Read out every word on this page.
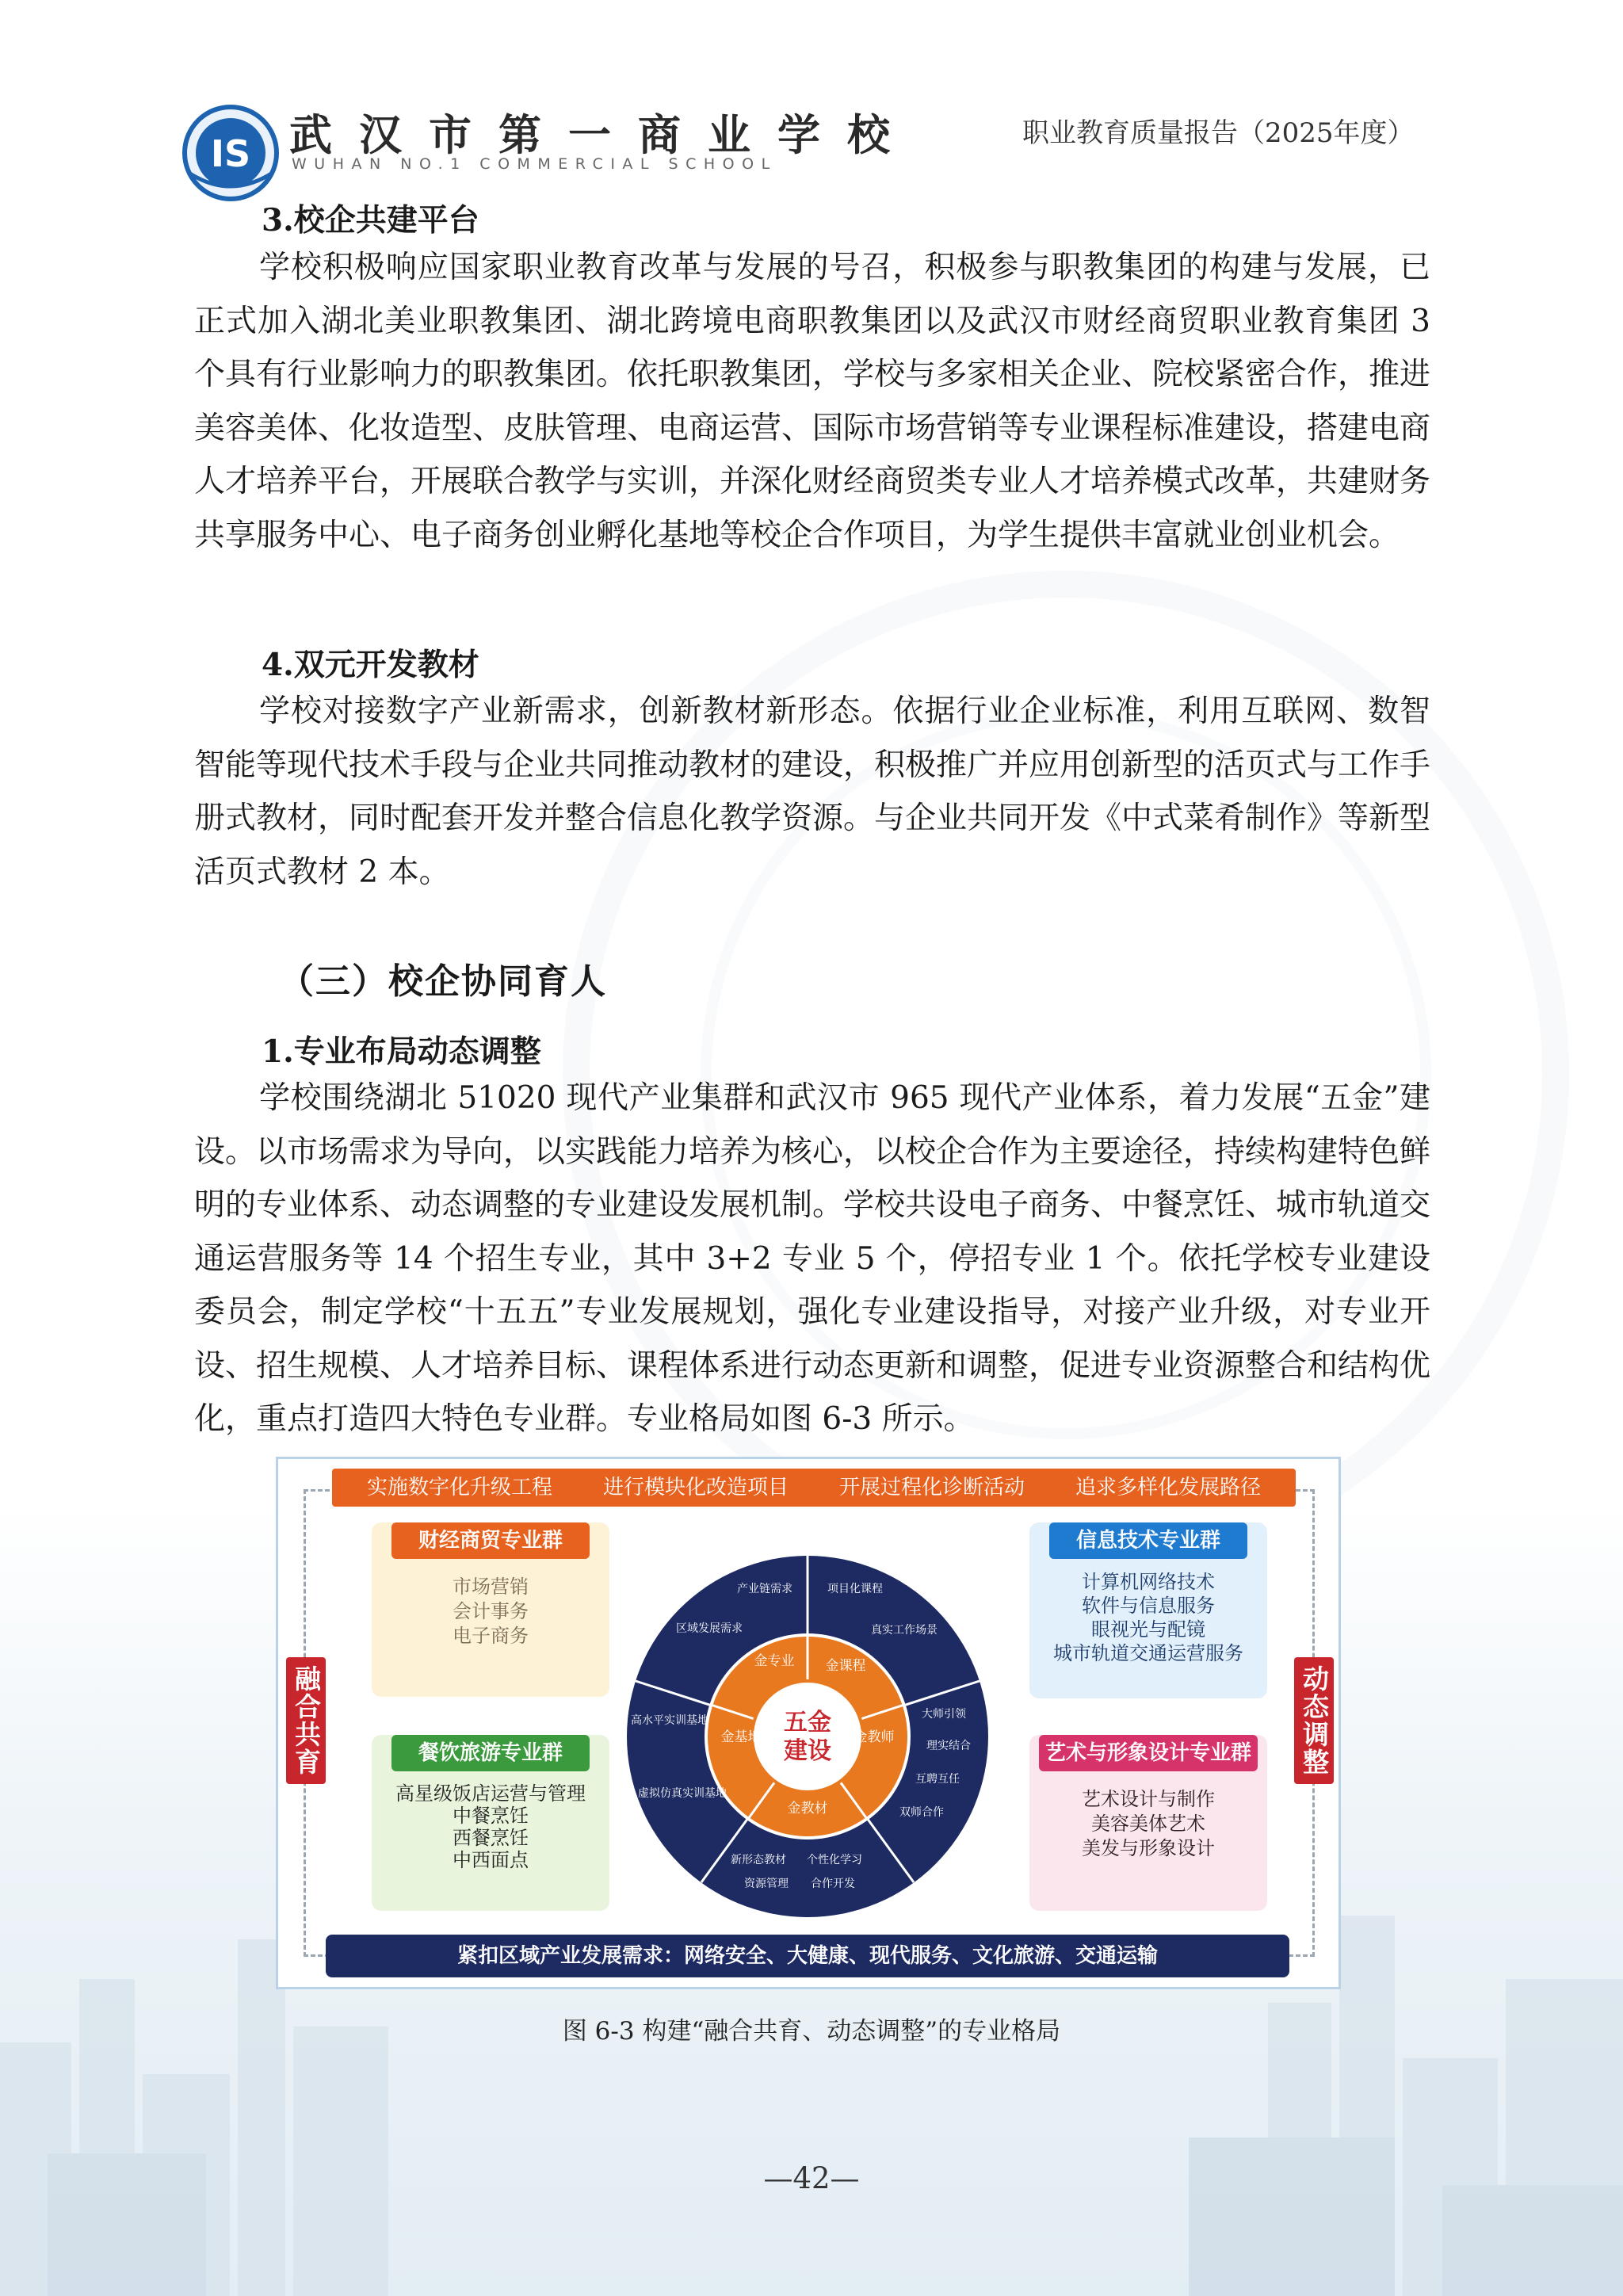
IS 武汉市第一商业学校
WUHAN NO.1 COMMERCIAL SCHOOL
职业教育质量报告（2025年度）
3.校企共建平台

学校积极响应国家职业教育改革与发展的号召，积极参与职教集团的构建与发展，已正式加入湖北美业职教集团、湖北跨境电商职教集团以及武汉市财经商贸职业教育集团 3 个具有行业影响力的职教集团。依托职教集团，学校与多家相关企业、院校紧密合作，推进美容美体、化妆造型、皮肤管理、电商运营、国际市场营销等专业课程标准建设，搭建电商人才培养平台，开展联合教学与实训，并深化财经商贸类专业人才培养模式改革，共建财务共享服务中心、电子商务创业孵化基地等校企合作项目，为学生提供丰富就业创业机会。

4.双元开发教材

学校对接数字产业新需求，创新教材新形态。依据行业企业标准，利用互联网、数智智能等现代技术手段与企业共同推动教材的建设，积极推广并应用创新型的活页式与工作手册式教材，同时配套开发并整合信息化教学资源。与企业共同开发《中式菜肴制作》等新型活页式教材 2 本。

（三）校企协同育人
1.专业布局动态调整

学校围绕湖北 51020 现代产业集群和武汉市 965 现代产业体系，着力发展“五金”建设。以市场需求为导向，以实践能力培养为核心，以校企合作为主要途径，持续构建特色鲜明的专业体系、动态调整的专业建设发展机制。学校共设电子商务、中餐烹饪、城市轨道交通运营服务等 14 个招生专业，其中 3+2 专业 5 个，停招专业 1 个。依托学校专业建设委员会，制定学校“十五五”专业发展规划，强化专业建设指导，对接产业升级，对专业开设、招生规模、人才培养目标、课程体系进行动态更新和调整，促进专业资源整合和结构优化，重点打造四大特色专业群。专业格局如图 6-3 所示。

实施数字化升级工程	进行模块化改造项目	开展过程化诊断活动	追求多样化发展路径
融合共育	动态调整
财经商贸专业群
市场营销
会计事务
电子商务
餐饮旅游专业群
高星级饭店运营与管理
中餐烹饪
西餐烹饪
中西面点
信息技术专业群
计算机网络技术
软件与信息服务
眼视光与配镜
城市轨道交通运营服务
艺术与形象设计专业群
艺术设计与制作
美容美体艺术
美发与形象设计
五金
建设
金专业 金课程
金教师
金教材
金基地
产业链需求
区域发展需求
项目化课程
真实工作场景
大师引领
理实结合
互聘互任
双师合作
新形态教材 个性化学习
资源管理 合作开发
高水平实训基地
虚拟仿真实训基地
紧扣区域产业发展需求：网络安全、大健康、现代服务、文化旅游、交通运输
图 6-3 构建“融合共育、动态调整”的专业格局
—42—
